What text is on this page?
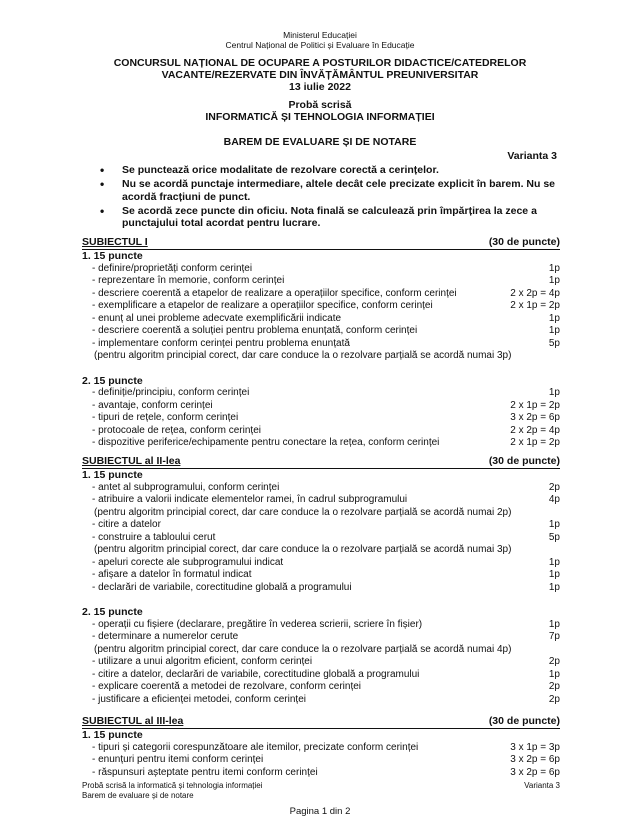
Ministerul Educației
Centrul Național de Politici și Evaluare în Educație
CONCURSUL NAȚIONAL DE OCUPARE A POSTURILOR DIDACTICE/CATEDRELOR
VACANTE/REZERVATE DIN ÎNVĂȚĂMÂNTUL PREUNIVERSITAR
13 iulie 2022
Probă scrisă
INFORMATICĂ ȘI TEHNOLOGIA INFORMAȚIEI
BAREM DE EVALUARE ȘI DE NOTARE
Varianta 3
• Se punctează orice modalitate de rezolvare corectă a cerințelor.
• Nu se acordă punctaje intermediare, altele decât cele precizate explicit în barem. Nu se acordă fracțiuni de punct.
• Se acordă zece puncte din oficiu. Nota finală se calculează prin împărțirea la zece a punctajului total acordat pentru lucrare.
SUBIECTUL I	(30 de puncte)
1. 15 puncte
- definire/proprietăți conform cerinței	1p
- reprezentare în memorie, conform cerinței	1p
- descriere coerentă a etapelor de realizare a operațiilor specifice, conform cerinței	2 x 2p = 4p
- exemplificare a etapelor de realizare a operațiilor specifice, conform cerinței	2 x 1p = 2p
- enunț al unei probleme adecvate exemplificării indicate	1p
- descriere coerentă a soluției pentru problema enunțată, conform cerinței	1p
- implementare conform cerinței pentru problema enunțată	5p
(pentru algoritm principial corect, dar care conduce la o rezolvare parțială se acordă numai 3p)
2. 15 puncte
- definiție/principiu, conform cerinței	1p
- avantaje, conform cerinței	2 x 1p = 2p
- tipuri de rețele, conform cerinței	3 x 2p = 6p
- protocoale de rețea, conform cerinței	2 x 2p = 4p
- dispozitive periferice/echipamente pentru conectare la rețea, conform cerinței	2 x 1p = 2p
SUBIECTUL al II-lea	(30 de puncte)
1. 15 puncte
- antet al subprogramului, conform cerinței	2p
- atribuire a valorii indicate elementelor ramei, în cadrul subprogramului	4p
(pentru algoritm principial corect, dar care conduce la o rezolvare parțială se acordă numai 2p)
- citire a datelor	1p
- construire a tabloului cerut	5p
(pentru algoritm principial corect, dar care conduce la o rezolvare parțială se acordă numai 3p)
- apeluri corecte ale subprogramului indicat	1p
- afișare a datelor în formatul indicat	1p
- declarări de variabile, corectitudine globală a programului	1p
2. 15 puncte
- operații cu fișiere (declarare, pregătire în vederea scrierii, scriere în fișier)	1p
- determinare a numerelor cerute	7p
(pentru algoritm principial corect, dar care conduce la o rezolvare parțială se acordă numai 4p)
- utilizare a unui algoritm eficient, conform cerinței	2p
- citire a datelor, declarări de variabile, corectitudine globală a programului	1p
- explicare coerentă a metodei de rezolvare, conform cerinței	2p
- justificare a eficienței metodei, conform cerinței	2p
SUBIECTUL al III-lea	(30 de puncte)
1. 15 puncte
- tipuri și categorii corespunzătoare ale itemilor, precizate conform cerinței	3 x 1p = 3p
- enunțuri pentru itemi conform cerinței	3 x 2p = 6p
- răspunsuri așteptate pentru itemi conform cerinței	3 x 2p = 6p
Probă scrisă la informatică și tehnologia informației
Barem de evaluare și de notare
Varianta 3
Pagina 1 din 2
